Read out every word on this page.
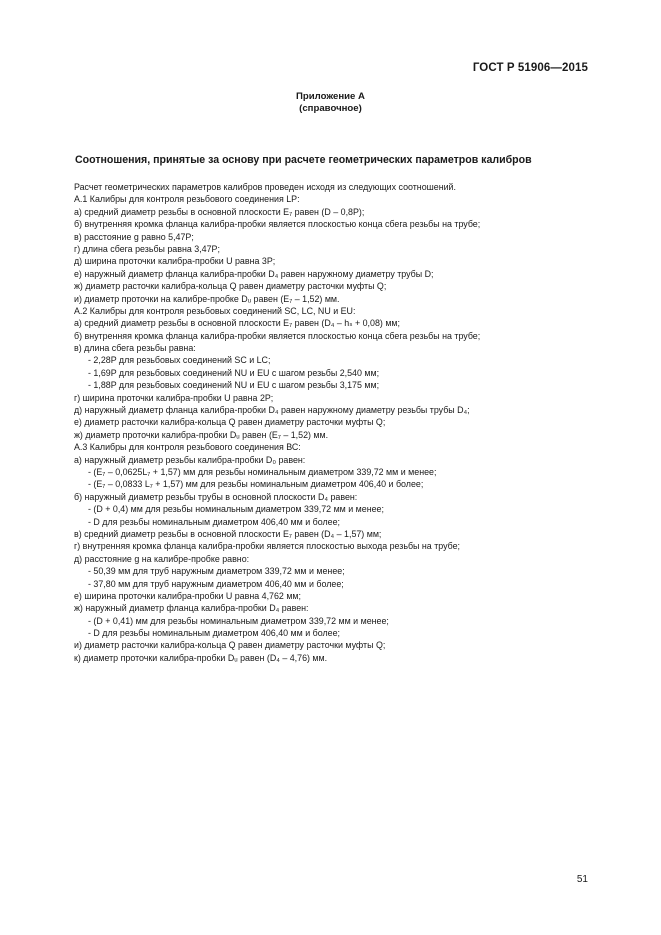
ГОСТ Р 51906—2015
Приложение А
(справочное)
Соотношения, принятые за основу при расчете геометрических параметров калибров
Расчет геометрических параметров калибров проведен исходя из следующих соотношений.
А.1 Калибры для контроля резьбового соединения LP:
а) средний диаметр резьбы в основной плоскости E₇ равен (D – 0,8P);
б) внутренняя кромка фланца калибра-пробки является плоскостью конца сбега резьбы на трубе;
в) расстояние g равно 5,47P;
г) длина сбега резьбы равна 3,47P;
д) ширина проточки калибра-пробки U равна 3P;
е) наружный диаметр фланца калибра-пробки D₄ равен наружному диаметру трубы D;
ж) диаметр расточки калибра-кольца Q равен диаметру расточки муфты Q;
и) диаметр проточки на калибре-пробке Dᵤ равен (E₇ – 1,52) мм.
А.2 Калибры для контроля резьбовых соединений SC, LC, NU и EU:
а) средний диаметр резьбы в основной плоскости E₇ равен (D₄ – hₛ + 0,08) мм;
б) внутренняя кромка фланца калибра-пробки является плоскостью конца сбега резьбы на трубе;
в) длина сбега резьбы равна:
- 2,28P для резьбовых соединений SC и LC;
- 1,69P для резьбовых соединений NU и EU с шагом резьбы 2,540 мм;
- 1,88P для резьбовых соединений NU и EU с шагом резьбы 3,175 мм;
г) ширина проточки калибра-пробки U равна 2P;
д) наружный диаметр фланца калибра-пробки D₄ равен наружному диаметру резьбы трубы D₄;
е) диаметр расточки калибра-кольца Q равен диаметру расточки муфты Q;
ж) диаметр проточки калибра-пробки Dᵤ равен (E₇ – 1,52) мм.
А.3 Калибры для контроля резьбового соединения ВС:
а) наружный диаметр резьбы калибра-пробки D₀ равен:
- (E₇ – 0,0625L₇ + 1,57) мм для резьбы номинальным диаметром 339,72 мм и менее;
- (E₇ – 0,0833 L₇ + 1,57) мм для резьбы номинальным диаметром 406,40 и более;
б) наружный диаметр резьбы трубы в основной плоскости D₄ равен:
- (D + 0,4) мм для резьбы номинальным диаметром 339,72 мм и менее;
- D для резьбы номинальным диаметром 406,40 мм и более;
в) средний диаметр резьбы в основной плоскости E₇ равен (D₄ – 1,57) мм;
г) внутренняя кромка фланца калибра-пробки является плоскостью выхода резьбы на трубе;
д) расстояние g на калибре-пробке равно:
- 50,39 мм для труб наружным диаметром 339,72 мм и менее;
- 37,80 мм для труб наружным диаметром 406,40 мм и более;
е) ширина проточки калибра-пробки U равна 4,762 мм;
ж) наружный диаметр фланца калибра-пробки D₄ равен:
- (D + 0,41) мм для резьбы номинальным диаметром 339,72 мм и менее;
- D для резьбы номинальным диаметром 406,40 мм и более;
и) диаметр расточки калибра-кольца Q равен диаметру расточки муфты Q;
к) диаметр проточки калибра-пробки Dᵤ равен (D₄ – 4,76) мм.
51
